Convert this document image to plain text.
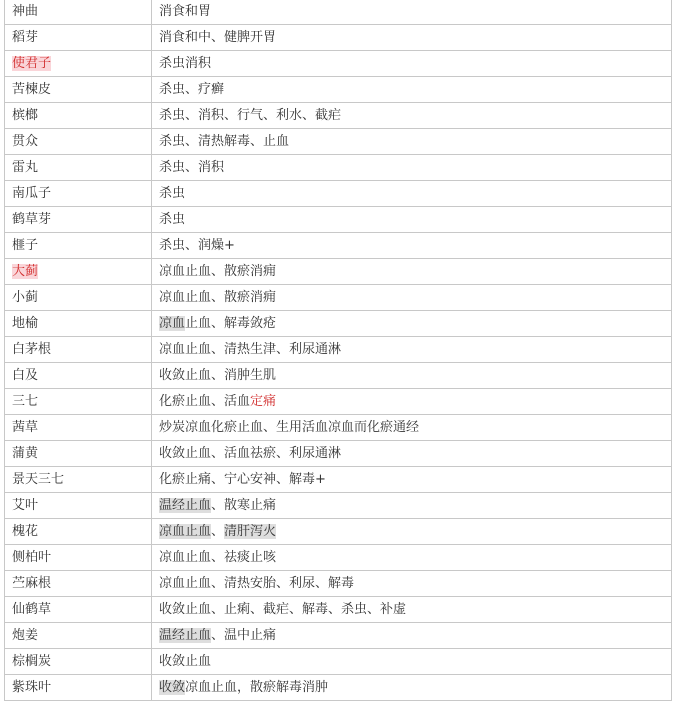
神曲	消食和胃
稻芽	消食和中、健脾开胃
使君子	杀虫消积
苦楝皮	杀虫、疗癣
槟榔	杀虫、消积、行气、利水、截疟
贯众	杀虫、清热解毒、止血
雷丸	杀虫、消积
南瓜子	杀虫
鹤草芽	杀虫
榧子	杀虫、润燥+
大蓟	凉血止血、散瘀消痈
小蓟	凉血止血、散瘀消痈
地榆	凉血止血、解毒敛疮
白茅根	凉血止血、清热生津、利尿通淋
白及	收敛止血、消肿生肌
三七	化瘀止血、活血定痛
茜草	炒炭凉血化瘀止血、生用活血凉血而化瘀通经
蒲黄	收敛止血、活血祛瘀、利尿通淋
景天三七	化瘀止痛、宁心安神、解毒+
艾叶	温经止血、散寒止痛
槐花	凉血止血、清肝泻火
侧柏叶	凉血止血、祛痰止咳
苎麻根	凉血止血、清热安胎、利尿、解毒
仙鹤草	收敛止血、止痢、截疟、解毒、杀虫、补虚
炮姜	温经止血、温中止痛
棕榈炭	收敛止血
紫珠叶	收敛凉血止血，散瘀解毒消肿
